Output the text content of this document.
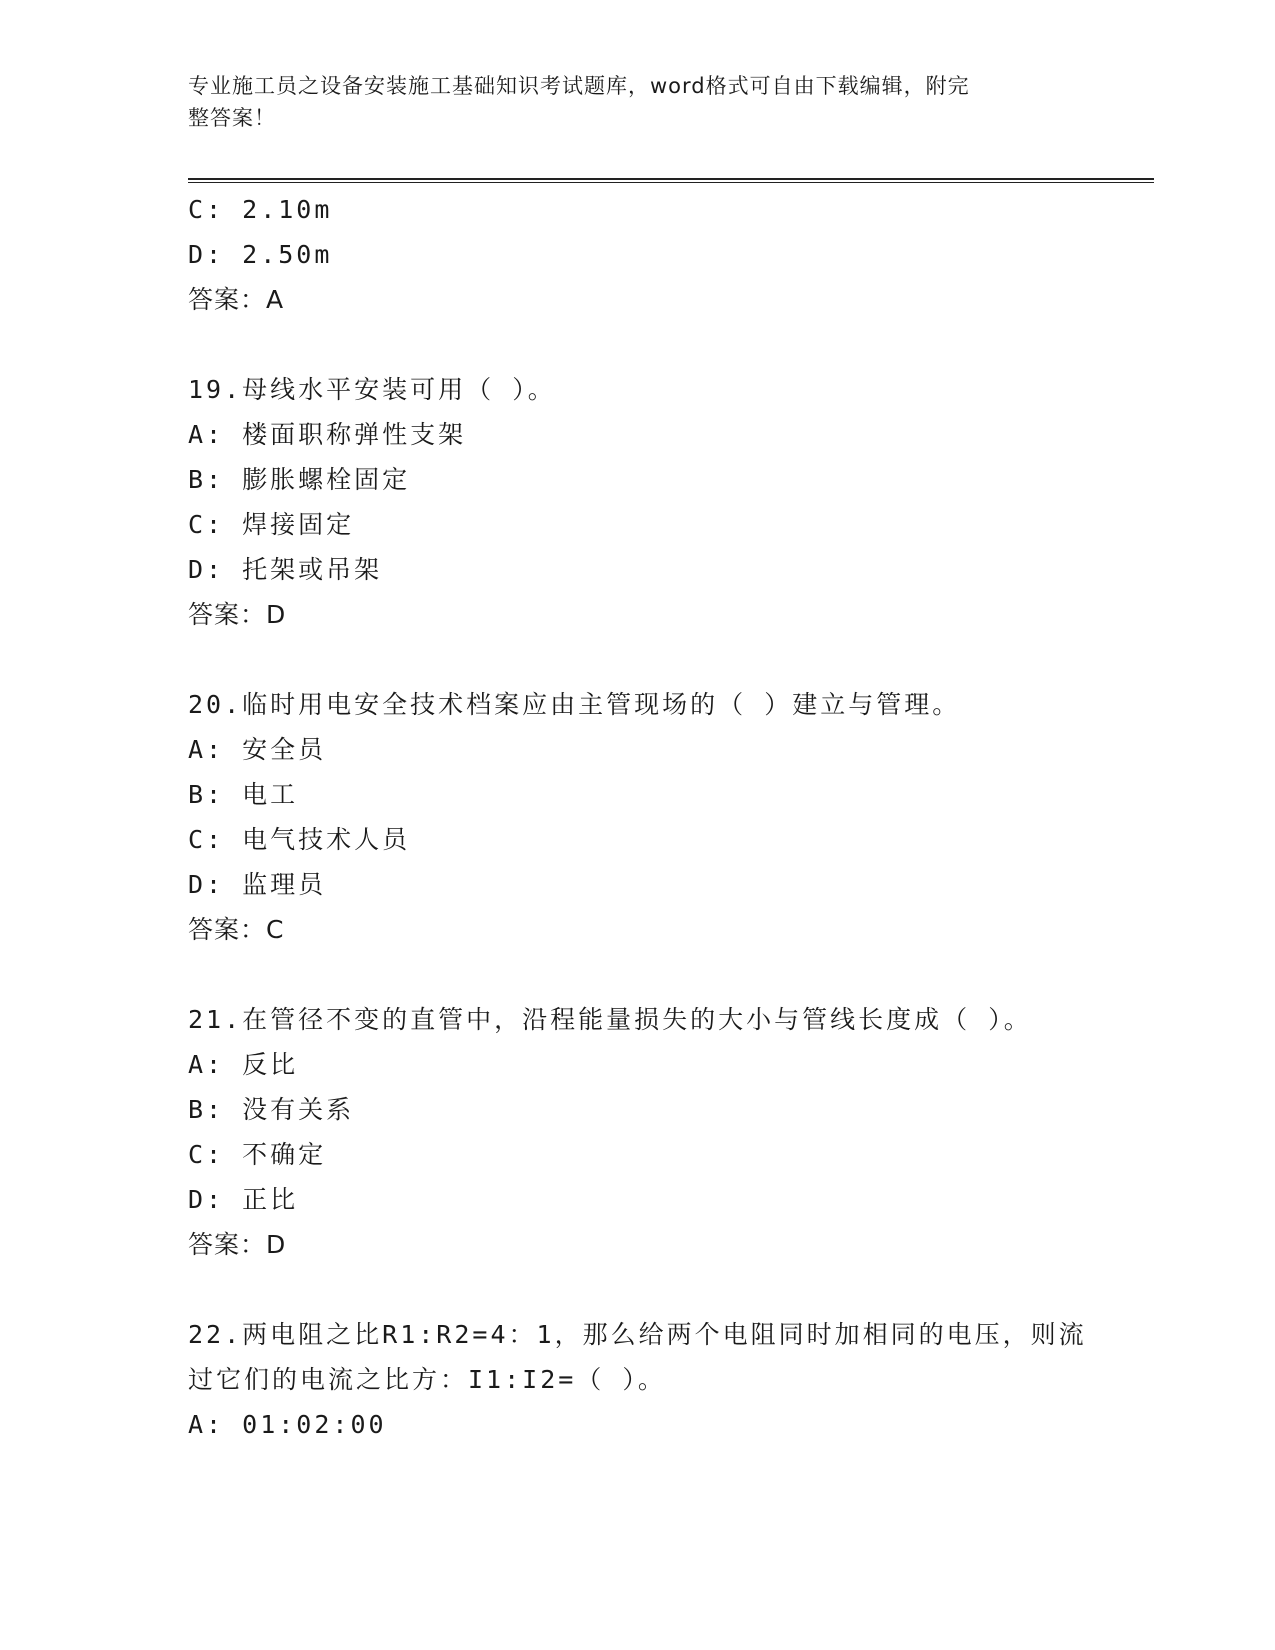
专业施工员之设备安装施工基础知识考试题库，word格式可自由下载编辑，附完
整答案！
C: 2.10m
D: 2.50m
答案：A
19.母线水平安装可用（ ）。
A: 楼面职称弹性支架
B: 膨胀螺栓固定
C: 焊接固定
D: 托架或吊架
答案：D
20.临时用电安全技术档案应由主管现场的（ ）建立与管理。
A: 安全员
B: 电工
C: 电气技术人员
D: 监理员
答案：C
21.在管径不变的直管中，沿程能量损失的大小与管线长度成（ ）。
A: 反比
B: 没有关系
C: 不确定
D: 正比
答案：D
22.两电阻之比R1:R2=4：1，那么给两个电阻同时加相同的电压，则流
过它们的电流之比方：I1:I2=（ ）。
A: 01:02:00
